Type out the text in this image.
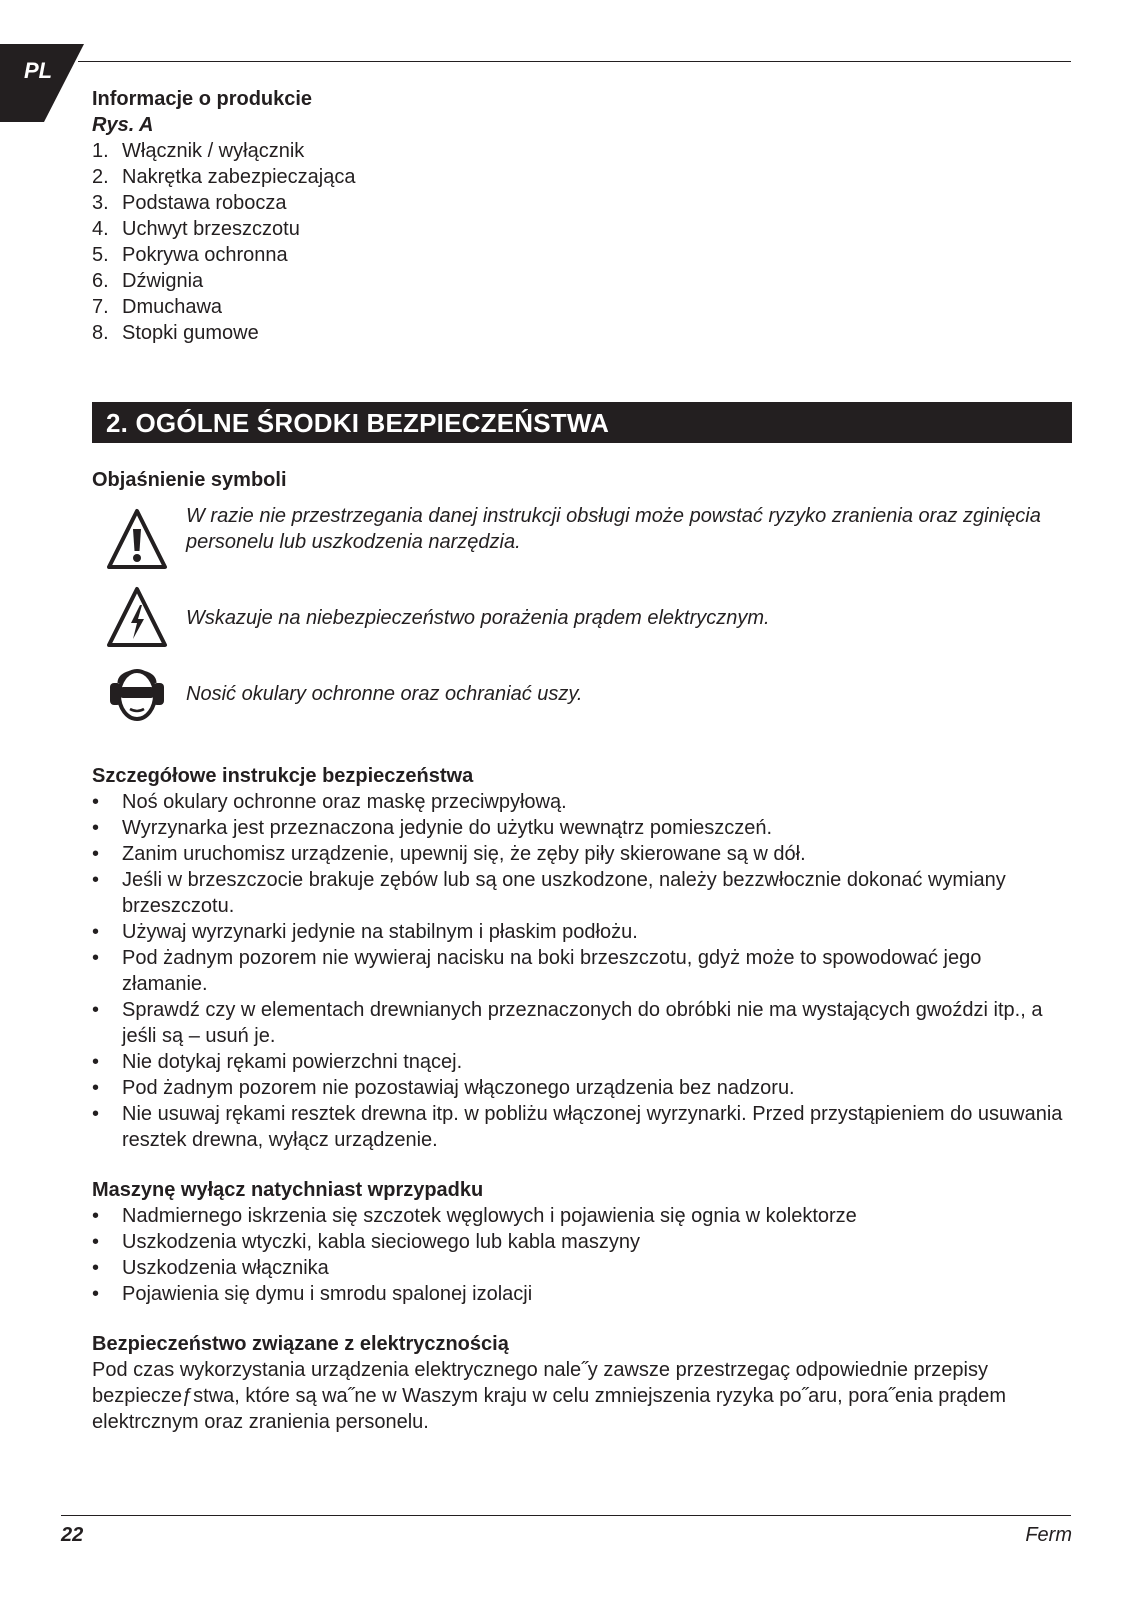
PL
Informacje o produkcie
Rys. A
1. Włącznik / wyłącznik
2. Nakrętka zabezpieczająca
3. Podstawa robocza
4. Uchwyt brzeszczotu
5. Pokrywa ochronna
6. Dźwignia
7. Dmuchawa
8. Stopki gumowe
2. OGÓLNE ŚRODKI BEZPIECZEŃSTWA
Objaśnienie symboli
W razie nie przestrzegania danej instrukcji obsługi może powstać ryzyko zranienia oraz zginięcia personelu lub uszkodzenia narzędzia.
Wskazuje na niebezpieczeństwo porażenia prądem elektrycznym.
Nosić okulary ochronne oraz ochraniać uszy.
Szczegółowe instrukcje bezpieczeństwa
•	Noś okulary ochronne oraz maskę przeciwpyłową.
•	Wyrzynarka jest przeznaczona jedynie do użytku wewnątrz pomieszczeń.
•	Zanim uruchomisz urządzenie, upewnij się, że zęby piły skierowane są w dół.
•	Jeśli w brzeszczocie brakuje zębów lub są one uszkodzone, należy bezzwłocznie dokonać wymiany brzeszczotu.
•	Używaj wyrzynarki jedynie na stabilnym i płaskim podłożu.
•	Pod żadnym pozorem nie wywieraj nacisku na boki brzeszczotu, gdyż może to spowodować jego złamanie.
•	Sprawdź czy w elementach drewnianych przeznaczonych do obróbki nie ma wystających gwoździ itp., a jeśli są – usuń je.
•	Nie dotykaj rękami powierzchni tnącej.
•	Pod żadnym pozorem nie pozostawiaj włączonego urządzenia bez nadzoru.
•	Nie usuwaj rękami resztek drewna itp. w pobliżu włączonej wyrzynarki. Przed przystąpieniem do usuwania resztek drewna, wyłącz urządzenie.
Maszynę wyłącz natychniast wprzypadku
•	Nadmiernego iskrzenia się szczotek węglowych i pojawienia się ognia w kolektorze
•	Uszkodzenia wtyczki, kabla sieciowego lub kabla maszyny
•	Uszkodzenia włącznika
•	Pojawienia się dymu i smrodu spalonej izolacji
Bezpieczeństwo związane z elektrycznością

Pod czas wykorzystania urządzenia elektrycznego nale˝y zawsze przestrzegaç odpowiednie przepisy bezpieczeƒstwa, które są wa˝ne w Waszym kraju w celu zmniejszenia ryzyka po˝aru, pora˝enia prądem elektrcznym oraz zranienia personelu.

22	Ferm
